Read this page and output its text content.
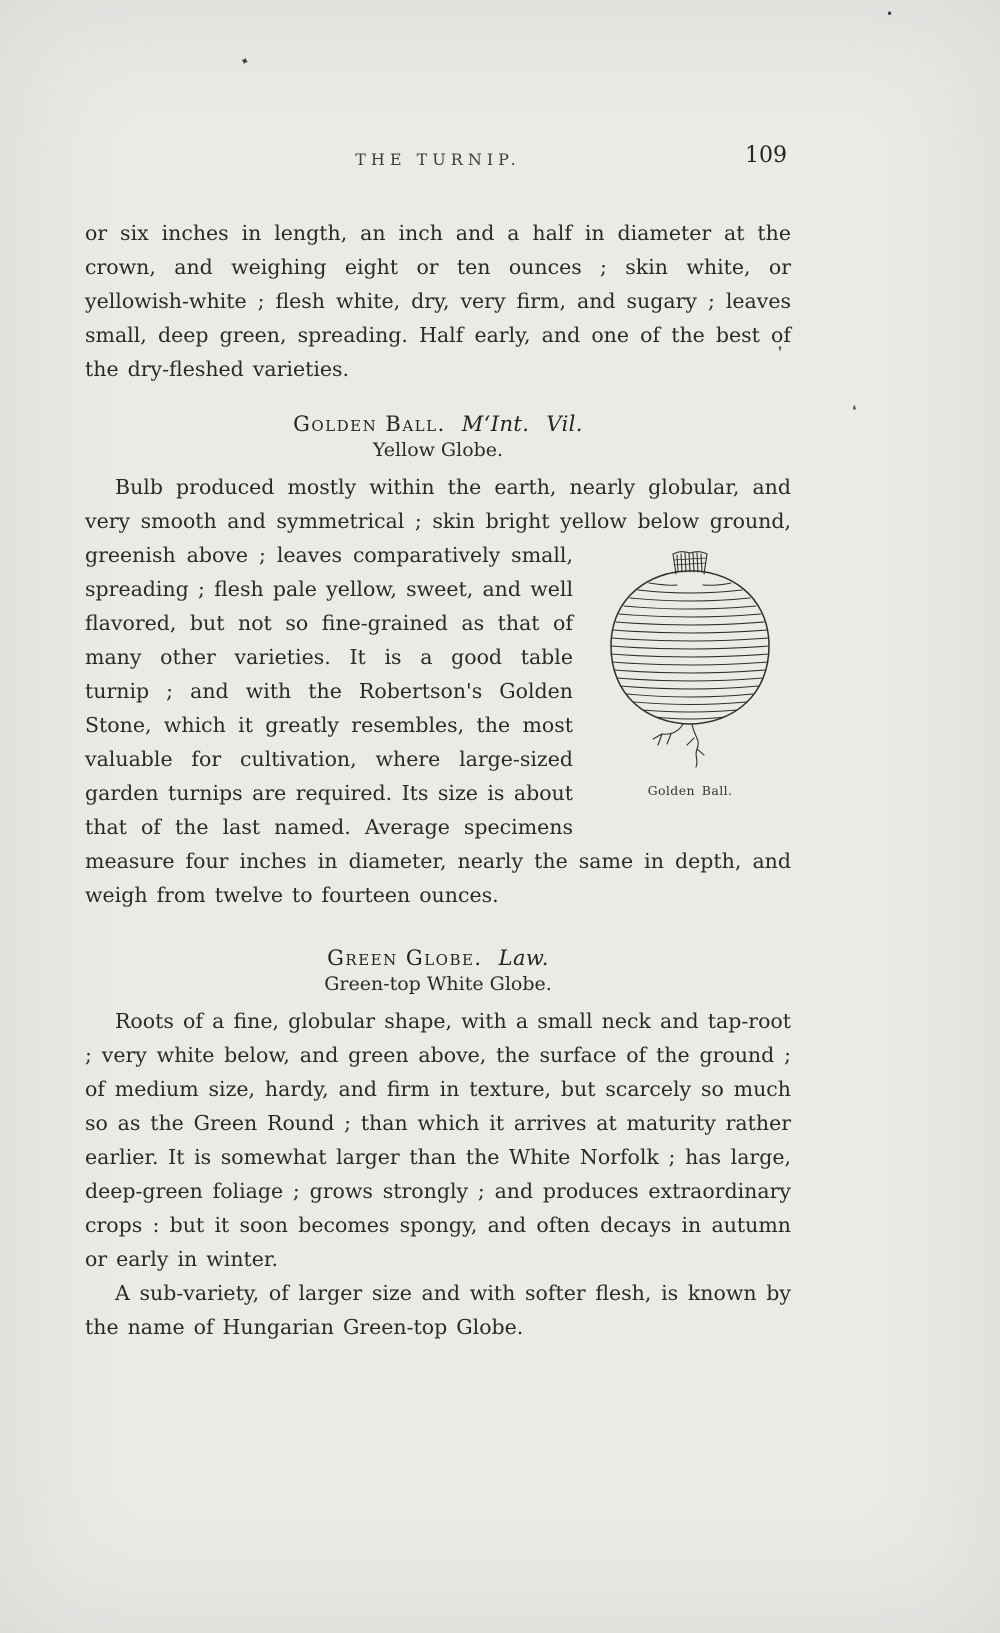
✦
•
❛
❜
THE TURNIP.	109

or six inches in length, an inch and a half in diameter at the crown, and weighing eight or ten ounces ; skin white, or yellowish-white ; flesh white, dry, very firm, and sugary ; leaves small, deep green, spreading. Half early, and one of the best of the dry-fleshed varieties.

Golden Ball. M‘Int. Vil.
Yellow Globe.

Bulb produced mostly within the earth, nearly globular, and very smooth and symmetrical ; skin bright yellow below
Golden Ball.
ground, greenish above ; leaves comparatively small, spreading ; flesh pale yellow, sweet, and well flavored, but not so fine-grained as that of many other varieties. It is a good table turnip ; and with the Robertson's Golden Stone, which it greatly resembles, the most valuable for cultivation, where large-sized garden turnips are required. Its size is about that of the last named. Average specimens measure four inches in diameter, nearly the same in depth, and weigh from twelve to fourteen ounces.

Green Globe. Law.
Green-top White Globe.

Roots of a fine, globular shape, with a small neck and tap-root ; very white below, and green above, the surface of the ground ; of medium size, hardy, and firm in texture, but scarcely so much so as the Green Round ; than which it arrives at maturity rather earlier. It is somewhat larger than the White Norfolk ; has large, deep-green foliage ; grows strongly ; and produces extraordinary crops : but it soon becomes spongy, and often decays in autumn or early in winter.

A sub-variety, of larger size and with softer flesh, is known by the name of Hungarian Green-top Globe.
